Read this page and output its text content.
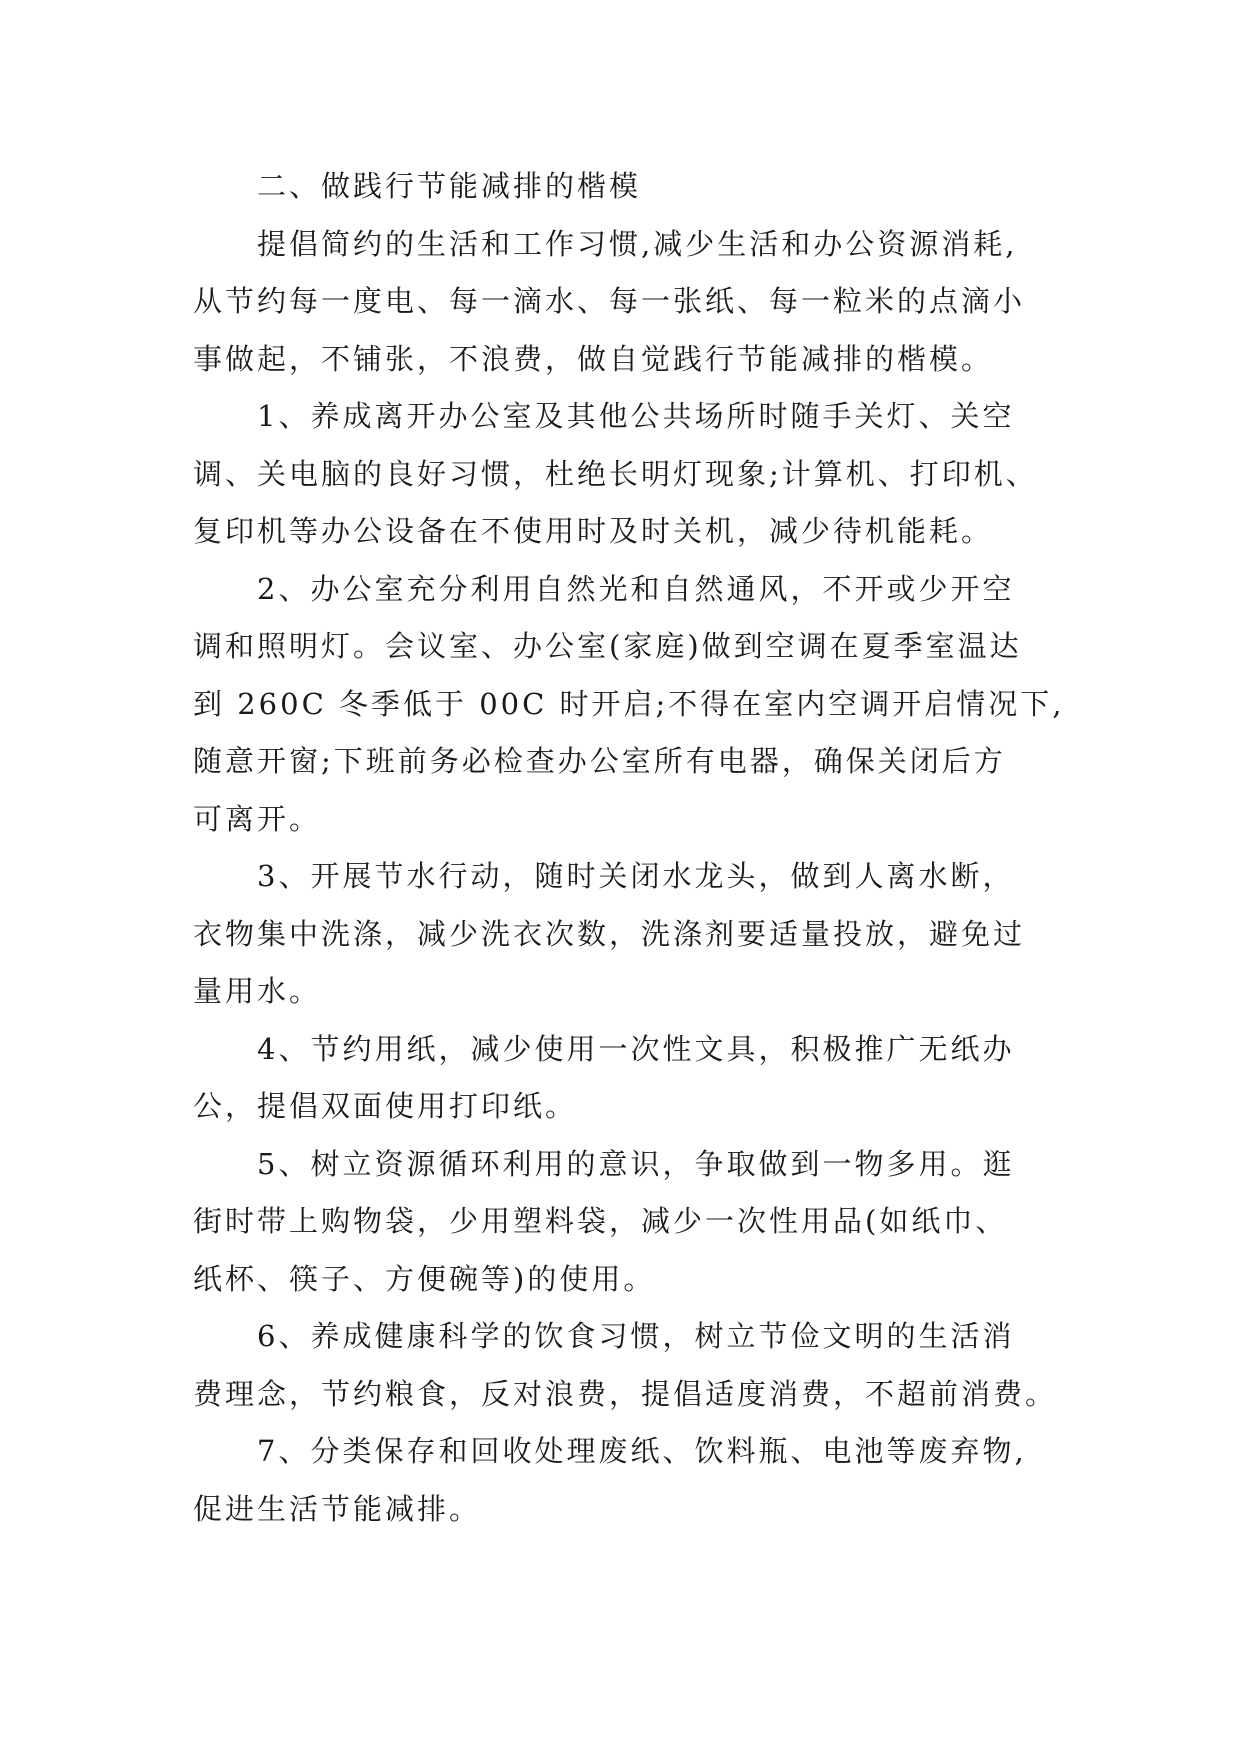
二、做践行节能减排的楷模

提倡简约的生活和工作习惯,减少生活和办公资源消耗,
从节约每一度电、每一滴水、每一张纸、每一粒米的点滴小
事做起，不铺张，不浪费，做自觉践行节能减排的楷模。

1、养成离开办公室及其他公共场所时随手关灯、关空
调、关电脑的良好习惯，杜绝长明灯现象;计算机、打印机、
复印机等办公设备在不使用时及时关机，减少待机能耗。

2、办公室充分利用自然光和自然通风，不开或少开空
调和照明灯。会议室、办公室(家庭)做到空调在夏季室温达
到 260C 冬季低于 00C 时开启;不得在室内空调开启情况下,
随意开窗;下班前务必检查办公室所有电器，确保关闭后方
可离开。

3、开展节水行动，随时关闭水龙头，做到人离水断，
衣物集中洗涤，减少洗衣次数，洗涤剂要适量投放，避免过
量用水。

4、节约用纸，减少使用一次性文具，积极推广无纸办
公，提倡双面使用打印纸。

5、树立资源循环利用的意识，争取做到一物多用。逛
街时带上购物袋，少用塑料袋，减少一次性用品(如纸巾、
纸杯、筷子、方便碗等)的使用。

6、养成健康科学的饮食习惯，树立节俭文明的生活消
费理念，节约粮食，反对浪费，提倡适度消费，不超前消费。

7、分类保存和回收处理废纸、饮料瓶、电池等废弃物,
促进生活节能减排。
